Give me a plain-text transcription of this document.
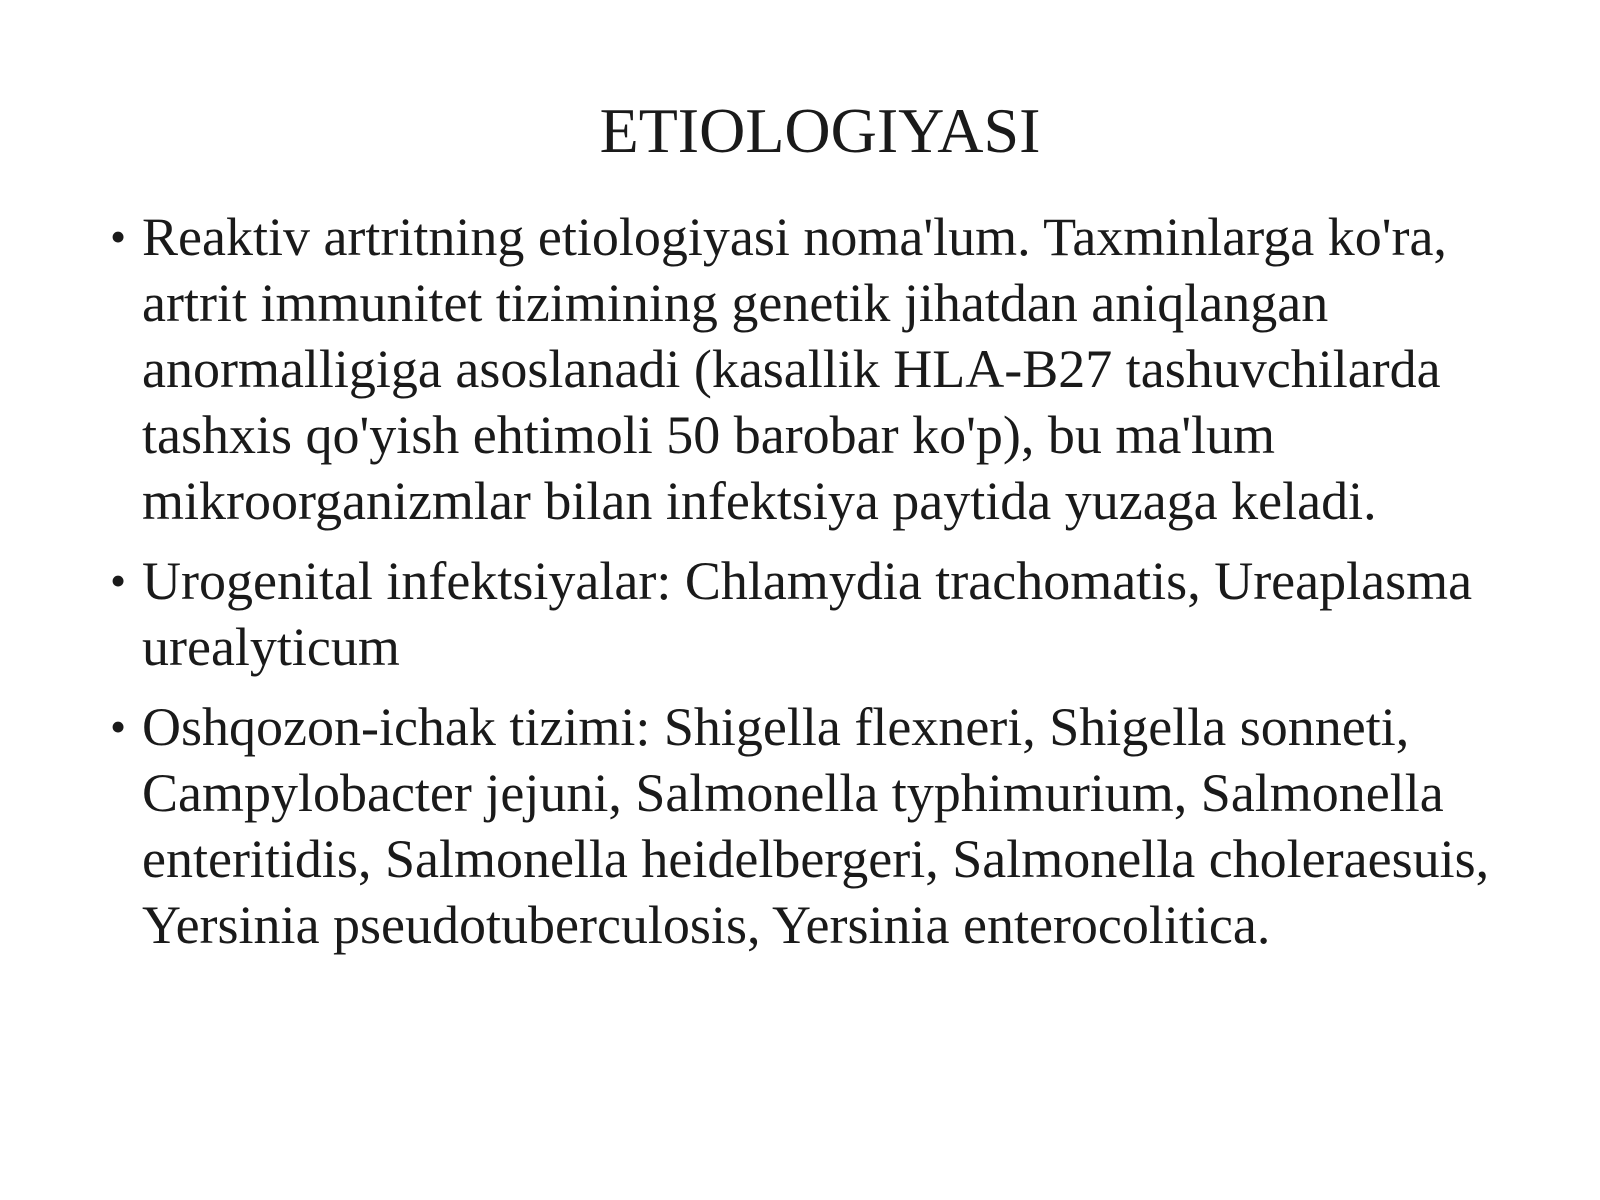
ETIOLOGIYASI
• Reaktiv artritning etiologiyasi noma'lum. Taxminlarga ko'ra, artrit immunitet tizimining genetik jihatdan aniqlangan anormalligiga asoslanadi (kasallik HLA-B27 tashuvchilarda tashxis qo'yish ehtimoli 50 barobar ko'p), bu ma'lum mikroorganizmlar bilan infektsiya paytida yuzaga keladi.
• Urogenital infektsiyalar: Chlamydia trachomatis, Ureaplasma urealyticum
• Oshqozon-ichak tizimi: Shigella flexneri, Shigella sonneti, Campylobacter jejuni, Salmonella typhimurium, Salmonella enteritidis, Salmonella heidelbergeri, Salmonella choleraesuis, Yersinia pseudotuberculosis, Yersinia enterocolitica.
